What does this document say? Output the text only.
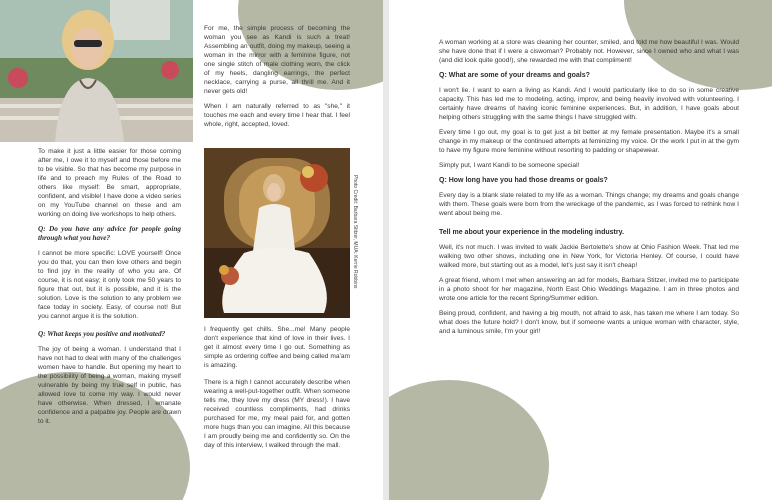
To make it just a little easier for those coming after me, I owe it to myself and those before me to be visible. So that has become my purpose in life and to preach my Rules of the Road to others like myself: Be smart, appropriate, confident, and visible! I have done a video series on my YouTube channel on these and am working on doing live workshops to help others.

Q: Do you have any advice for people going through what you have?

I cannot be more specific: LOVE yourself! Once you do that, you can then love others and begin to find joy in the reality of who you are. Of course, it is not easy; it only took me 50 years to figure that out, but it is possible, and it is the solution. Love is the solution to any problem we face today in society. Easy, of course not! But you cannot argue it is the solution.

Q: What keeps you positive and motivated?

The joy of being a woman. I understand that I have not had to deal with many of the challenges women have to handle. But opening my heart to the possibility of being a woman, making myself vulnerable by being my true self in public, has allowed love to come my way. I would never have otherwise. When dressed, I emanate confidence and a palpable joy. People are drawn to it.

For me, the simple process of becoming the woman you see as Kandi is such a treat! Assembling an outfit, doing my makeup, seeing a woman in the mirror with a feminine figure, not one single stitch of male clothing worn, the click of my heels, dangling earrings, the perfect necklace, carrying a purse, all thrill me. And it never gets old!

When I am naturally referred to as "she," it touches me each and every time I hear that. I feel whole, right, accepted, loved.

Photo Credit: Barbara Stitzer, MUA: Kerrie Robbins

I frequently get chills. She...me! Many people don't experience that kind of love in their lives. I get it almost every time I go out. Something as simple as ordering coffee and being called ma'am is amazing.

There is a high I cannot accurately describe when wearing a well-put-together outfit. When someone tells me, they love my dress (MY dress!). I have received countless compliments, had drinks purchased for me, my meal paid for, and gotten more hugs than you can imagine. All this because I am proudly being me and confidently so. On the day of this interview, I walked through the mall.

A woman working at a store was cleaning her counter, smiled, and told me how beautiful I was. Would she have done that if I were a ciswoman? Probably not. However, since I owned who and what I was (and did look quite good!), she rewarded me with that compliment!

Q: What are some of your dreams and goals?

I won't lie. I want to earn a living as Kandi. And I would particularly like to do so in some creative capacity. This has led me to modeling, acting, improv, and being heavily involved with volunteering. I certainly have dreams of having iconic feminine experiences. But, in addition, I have goals about helping others struggling with the same things I have struggled with.

Every time I go out, my goal is to get just a bit better at my female presentation. Maybe it's a small change in my makeup or the continued attempts at feminizing my voice. Or the work I put in at the gym to have my figure more feminine without resorting to padding or shapewear.

Simply put, I want Kandi to be someone special!

Q: How long have you had those dreams or goals?

Every day is a blank slate related to my life as a woman. Things change; my dreams and goals change with them. These goals were born from the wreckage of the pandemic, as I was forced to rethink how I went about being me.

Tell me about your experience in the modeling industry.

Well, it's not much. I was invited to walk Jackie Bertolette's show at Ohio Fashion Week. That led me walking two other shows, including one in New York, for Victoria Henley. Of course, I could have walked more, but starting out as a model, let's just say it isn't cheap!

A great friend, whom I met when answering an ad for models, Barbara Stitzer, invited me to participate in a photo shoot for her magazine, North East Ohio Weddings Magazine. I am in three photos and wrote one article for the recent Spring/Summer edition.

Being proud, confident, and having a big mouth, not afraid to ask, has taken me where I am today. So what does the future hold? I don't know, but if someone wants a unique woman with character, style, and a luminous smile, I'm your girl!
